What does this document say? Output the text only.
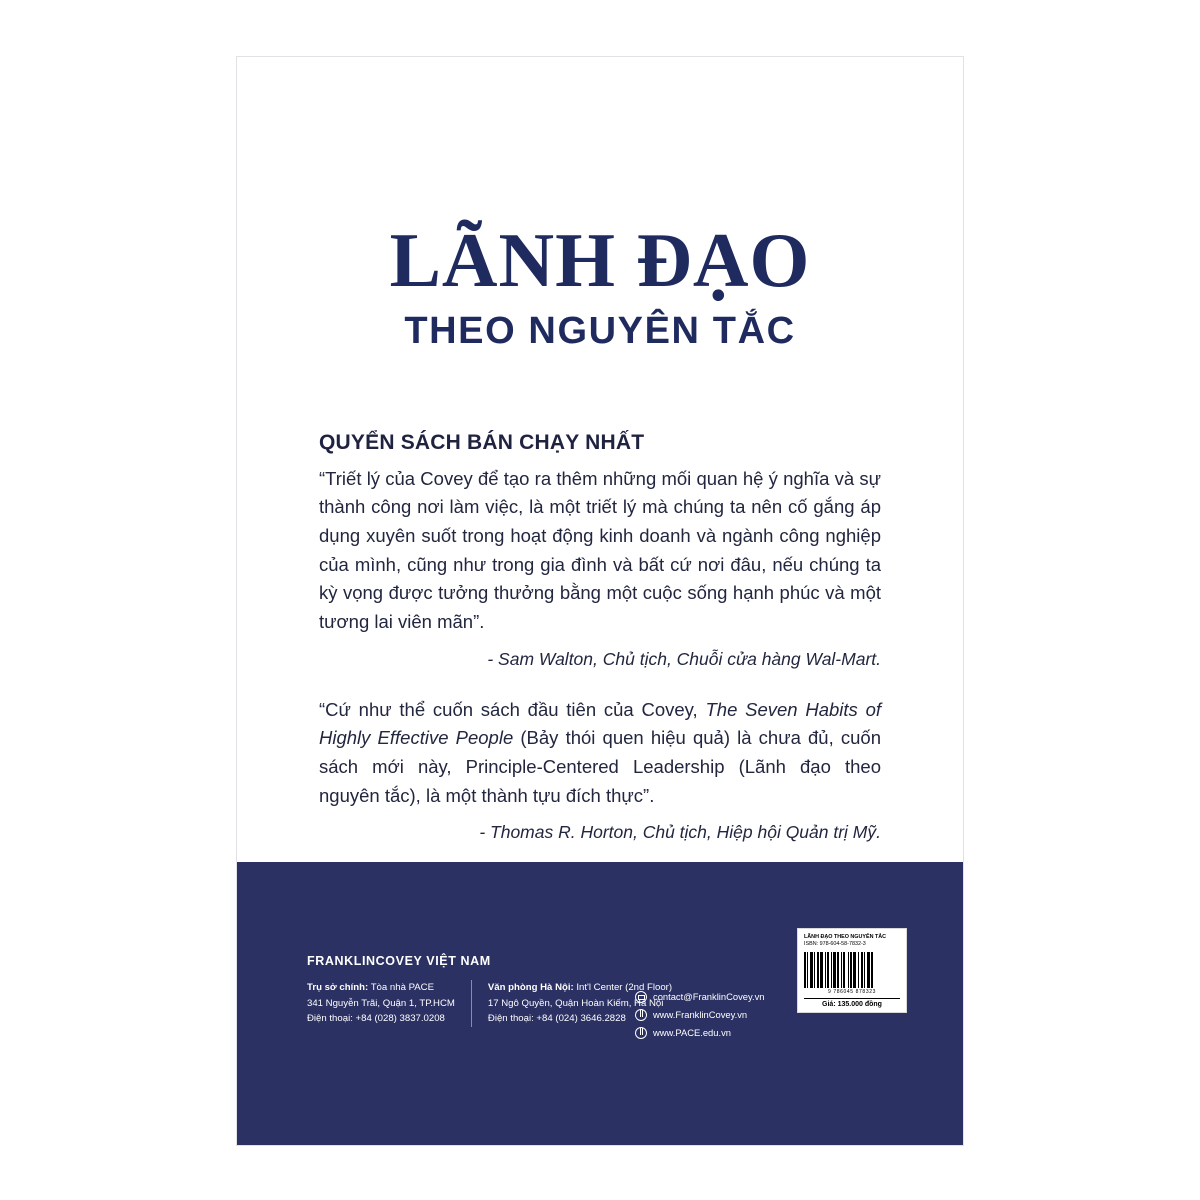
LÃNH ĐẠO
THEO NGUYÊN TẮC
QUYỂN SÁCH BÁN CHẠY NHẤT
“Triết lý của Covey để tạo ra thêm những mối quan hệ ý nghĩa và sự thành công nơi làm việc, là một triết lý mà chúng ta nên cố gắng áp dụng xuyên suốt trong hoạt động kinh doanh và ngành công nghiệp của mình, cũng như trong gia đình và bất cứ nơi đâu, nếu chúng ta kỳ vọng được tưởng thưởng bằng một cuộc sống hạnh phúc và một tương lai viên mãn”.
- Sam Walton, Chủ tịch, Chuỗi cửa hàng Wal-Mart.
“Cứ như thể cuốn sách đầu tiên của Covey, The Seven Habits of Highly Effective People (Bảy thói quen hiệu quả) là chưa đủ, cuốn sách mới này, Principle-Centered Leadership (Lãnh đạo theo nguyên tắc), là một thành tựu đích thực”.
- Thomas R. Horton, Chủ tịch, Hiệp hội Quản trị Mỹ.
FRANKLINCOVEY VIỆT NAM
Trụ sở chính: Tòa nhà PACE
341 Nguyễn Trãi, Quận 1, TP.HCM
Điện thoại: +84 (028) 3837.0208
Văn phòng Hà Nội: Int'l Center (2nd Floor)
17 Ngô Quyền, Quận Hoàn Kiếm, Hà Nội
Điện thoại: +84 (024) 3646.2828
contact@FranklinCovey.vn
www.FranklinCovey.vn
www.PACE.edu.vn
LÃNH ĐẠO THEO NGUYÊN TẮC
ISBN: 978-604-58-7832-3
9 786045 878323
Giá: 135.000 đồng
